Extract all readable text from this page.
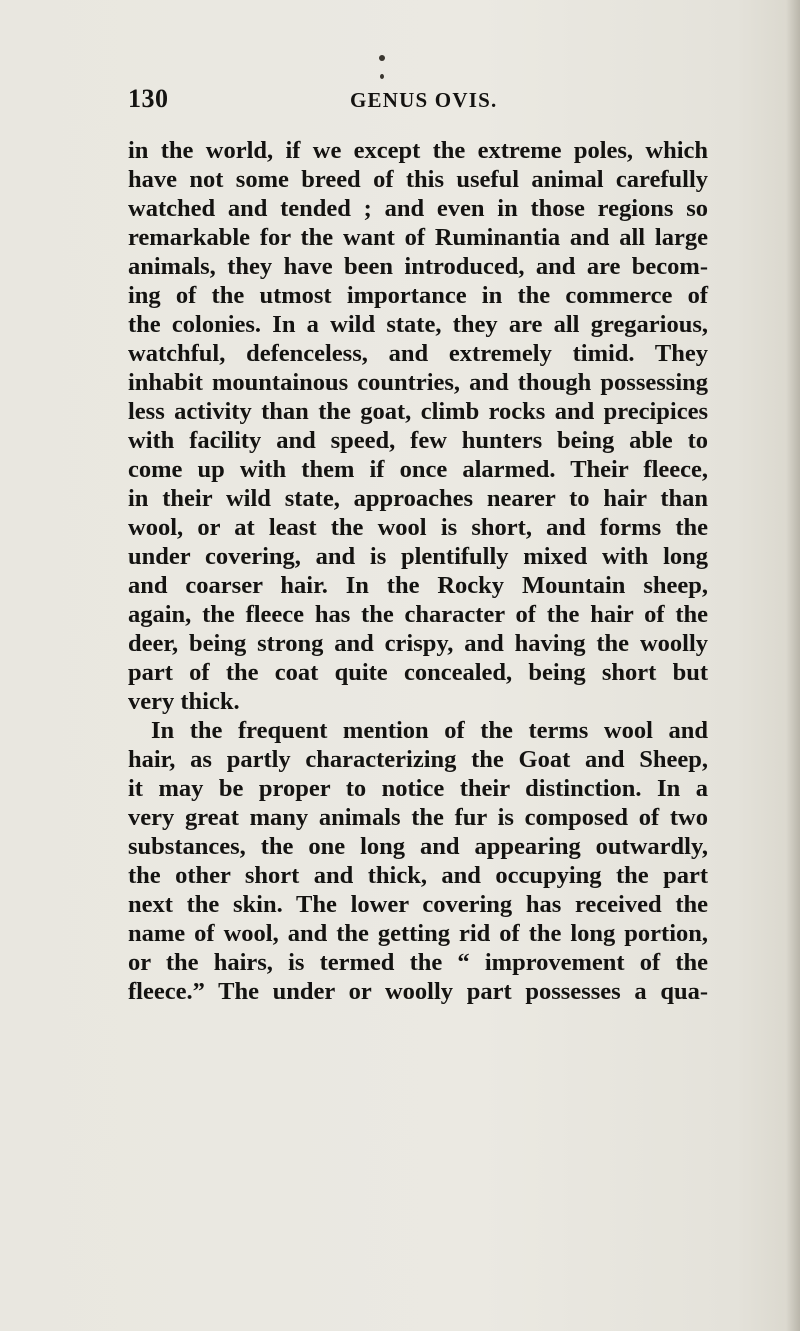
130	GENUS OVIS.
in the world, if we except the extreme poles, which
have not some breed of this useful animal carefully
watched and tended ; and even in those regions so
remarkable for the want of Ruminantia and all large
animals, they have been introduced, and are becom-
ing of the utmost importance in the commerce of
the colonies. In a wild state, they are all gregarious,
watchful, defenceless, and extremely timid. They
inhabit mountainous countries, and though possessing
less activity than the goat, climb rocks and precipices
with facility and speed, few hunters being able to
come up with them if once alarmed. Their fleece,
in their wild state, approaches nearer to hair than
wool, or at least the wool is short, and forms the
under covering, and is plentifully mixed with long
and coarser hair. In the Rocky Mountain sheep,
again, the fleece has the character of the hair of the
deer, being strong and crispy, and having the woolly
part of the coat quite concealed, being short but
very thick.
In the frequent mention of the terms wool and
hair, as partly characterizing the Goat and Sheep,
it may be proper to notice their distinction. In a
very great many animals the fur is composed of two
substances, the one long and appearing outwardly,
the other short and thick, and occupying the part
next the skin. The lower covering has received the
name of wool, and the getting rid of the long portion,
or the hairs, is termed the “ improvement of the
fleece.” The under or woolly part possesses a qua-
